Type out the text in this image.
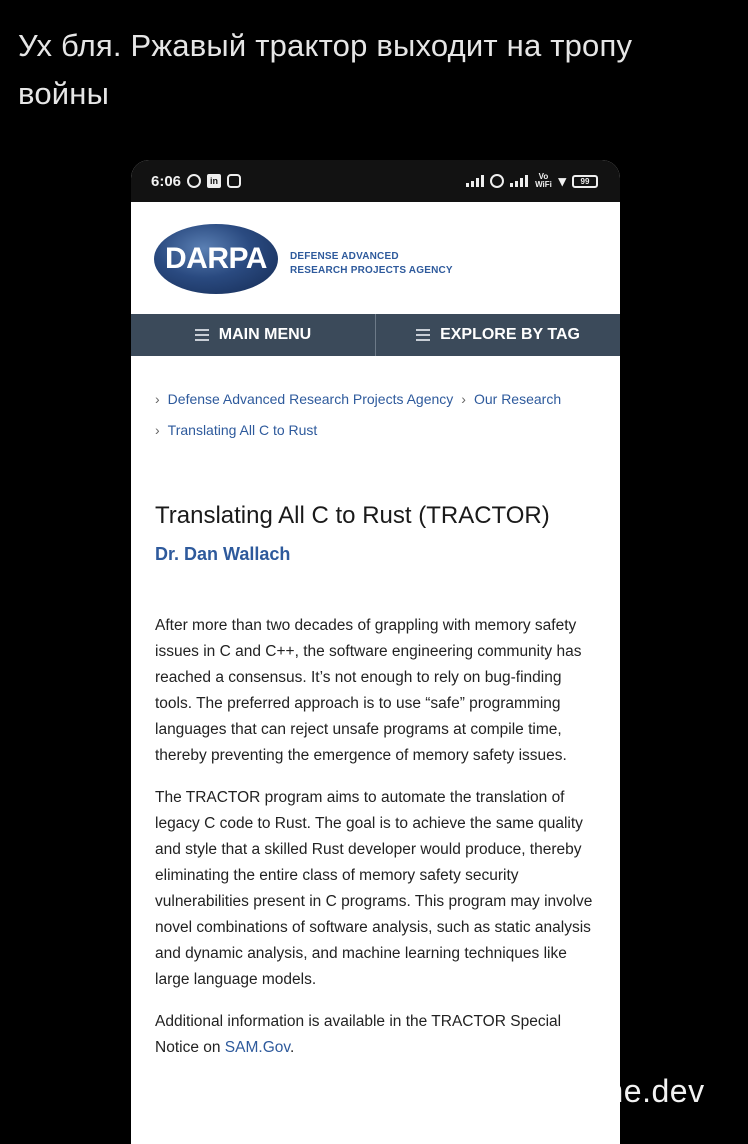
Ух бля. Ржавый трактор выходит на тропу войны
6:06	in	Vo WiFi ▾	99
DARPA DEFENSE ADVANCED
RESEARCH PROJECTS AGENCY
MAIN MENU	EXPLORE BY TAG
› Defense Advanced Research Projects Agency › Our Research
› Translating All C to Rust
Translating All C to Rust (TRACTOR)
Dr. Dan Wallach

After more than two decades of grappling with memory safety issues in C and C++, the software engineering community has reached a consensus. It’s not enough to rely on bug-finding tools. The preferred approach is to use “safe” programming languages that can reject unsafe programs at compile time, thereby preventing the emergence of memory safety issues.

The TRACTOR program aims to automate the translation of legacy C code to Rust. The goal is to achieve the same quality and style that a skilled Rust developer would produce, thereby eliminating the entire class of memory safety security vulnerabilities present in C programs. This program may involve novel combinations of software analysis, such as static analysis and dynamic analysis, and machine learning techniques like large language models.

Additional information is available in the TRACTOR Special Notice on SAM.Gov.

openmeme.dev
